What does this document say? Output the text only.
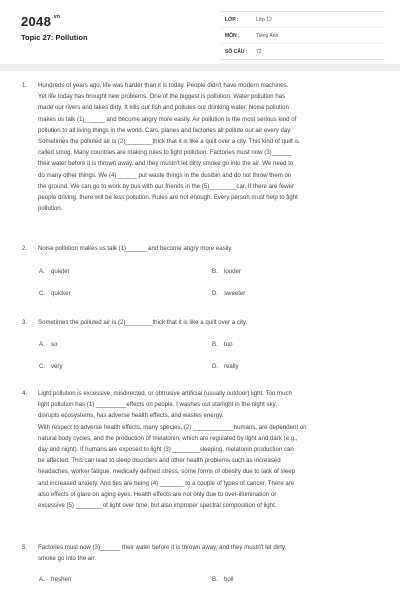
$2048^{.vn}$
Topic 27: Pollution
LỚP :	Lớp 12
MÔN :	Tiếng Anh
SỐ CÂU : 72
1.	Hundreds of years ago, life was harder than it is today. People didn't have modern machines.
Yet life today has brought new problems. One of the biggest is pollution. Water pollution has
made our rivers and lakes dirty. It kills our fish and pollutes our drinking water. Noise pollution
makes us talk (1)______ and become angry more easily. Air pollution is the most serious kind of
pollution to all living things in the world. Cars, planes and factories all pollute our air every day.
Sometimes the polluted air is (2)________thick that it is like a quilt over a city. This kind of quilt is
called smog. Many countries are making rules to fight pollution. Factories must now (3)______
their water before it is thrown away, and they mustn't let dirty smoke go into the air. We need to
do many other things. We (4)______ put waste things in the dustbin and do not throw them on
the ground. We can go to work by bus with our friends in the (5)________car. If there are fewer
people driving, there will be less pollution. Rules are not enough. Every person must help to fight
pollution.
2.	Noise pollution makes us talk (1)______ and become angry more easily.
A. quieter	B. louder
C. quicker	D. sweeter
3.	Sometimes the polluted air is (2)________thick that it is like a quilt over a city.
A. so	B. too
C. very	D. really
4.	Light pollution is excessive, misdirected, or obtrusive artificial (usually outdoor) light. Too much
light pollution has (1) _________effects on people. I washes out starlight in the night sky,
disrupts ecosystems, has adverse health effects, and wastes energy.
With respect to adverse health effects, many species, (2) ____________humans, are dependent on
natural body cycles, and the production of melatonin, which are regulated by light and dark (e.g.,
day and night). If humans are exposed to light (3) ________sleeping, melatonin production can
be affected. This can lead to sleep disorders and other health problems such as increased
headaches, worker fatigue, medically defined stress, some forms of obesity due to lack of sleep
and increased anxiety. And ties are being (4) _______ to a couple of types of cancer. There are
also effects of glare on aging eyes. Health effects are not only due to over-illumination or
excessive (5) ________of light over time, but also improper spectral composition of light.
5.	Factories must now (3)______ their water before it is thrown away, and they mustn't let dirty
smoke go into the air.
A. freshen	B. boil
